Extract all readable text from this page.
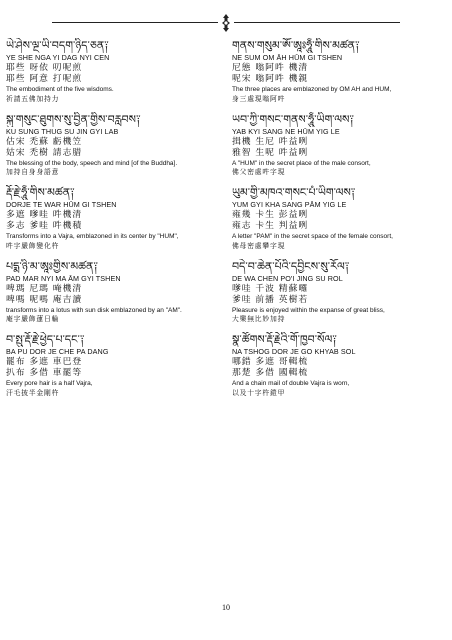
ཡེ་ཤེས་ལྔ་ཡི་བདག་ཉིད་ཅན༑
YE SHE NGA YI DAG NYI CEN
耶些 呀依 叨呢煎
耶些 阿意 打呢煎
The embodiment of the five wisdoms.
祈請五佛加持力
གནས་གསུམ་ཨོཾ་ཨཱཿཧཱུྃ་གིས་མཚན༑
NE SUM OM ĀH HŪM GI TSHEN
尼態 嗡阿吽 機清
呢宋 嗡阿吽 機親
The three places are emblazoned by OM AH and HUM,
身三處現嗡阿吽
སྐུ་གསུང་ཐུགས་སུ་བྱིན་གྱིས་བརླབས༑
KU SUNG THUG SU JIN GYI LAB
估宋 禿蘇 虧機笠
姑宋 禿樹 請志腊
The blessing of the body, speech and mind [of the Buddha].
加持自身身語意
ཡབ་ཀྱི་གསང་གནས་ཧཱུྃ་ཡིག་ལས༑
YAB KYI SANG NE HŪM YIG LE
揖機 生尼 吽益咧
雅智 生呢 吽益咧
A "HUM" in the secret place of the male consort,
佛父密處吽字現
རྡོ་རྗེ་ཧཱུྃ་གིས་མཚན༑
DORJE TE WAR HŪM GI TSHEN
多遮 嗲哇 吽機清
多志 爹哇 吽機積
Transforms into a Vajra, emblazoned in its center by "HUM",
吽字嚴飾變化杵
ཡུམ་གྱི་མཁའ་གསང་པཾ་ཡིག་ལས༑
YUM GYI KHA SANG PĀM YIG LE
雍幾 卡生 彭益咧
雍志 卡生 判益咧
A letter "PAM" in the secret space of the female consort,
佛母密處攀字現
པདྨ་ཉི་མ་ཨཱཿགྱིས་མཚན༑
PAD MAR NYI MA ĀM GYI TSHEN
啤瑪 尼瑪 唵機清
啤嗎 呢嗎 庵吉讀
transforms into a lotus with sun disk emblazoned by an "AM".
庵字嚴飾蓮日輪
བདེ་བ་ཆེན་པོའི་དབྱིངས་སུ་རོལ༑
DE WA CHEN PO'I JING SU ROL
嗲哇 千波 精蘇囉
爹哇 前播 英樹若
Pleasure is enjoyed within the expanse of great bliss,
大樂無比妙加持
བ་སྤུ་རྡོ་རྗེ་ཕྱེད་པ་དང་༑
BA PU DOR JE CHE PA DANG
罷布 多遮 車巴登
扒布 多借 車罷等
Every pore hair is a half Vajra,
汗毛披半金剛杵
སྣ་ཚོགས་རྡོ་རྗེའི་གོ་ཁྱབ་སོལ༑
NA TSHOG DOR JE GO KHYAB SOL
哪錯 多遮 哥輯梳
那楚 多借 國輯梳
And a chain mail of double Vajra is worn,
以及十字杵鎧甲
10
